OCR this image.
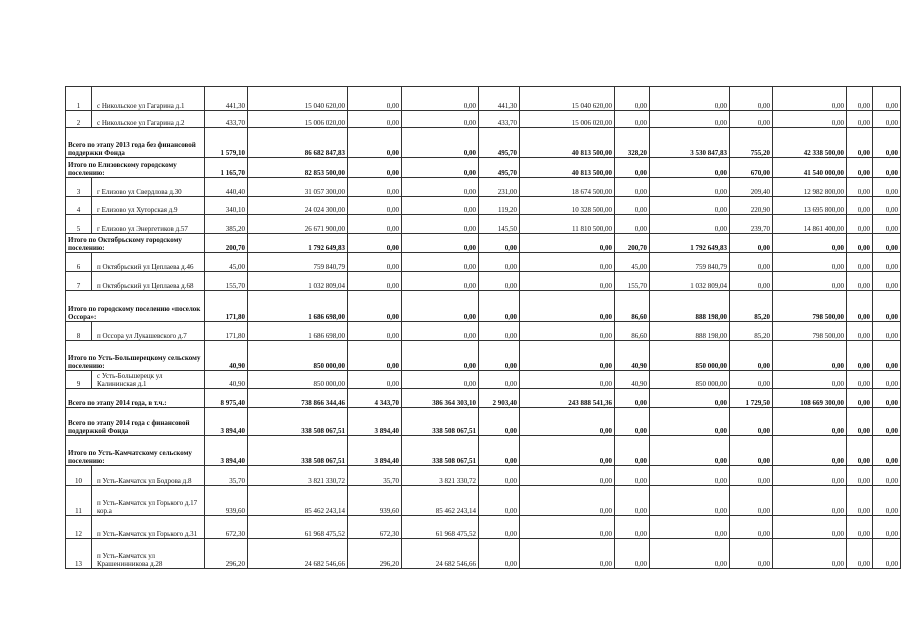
1	с Никольское ул Гагарина д.1	441,30	15 040 620,00	0,00	0,00	441,30	15 040 620,00	0,00	0,00	0,00	0,00	0,00	0,00
2	с Никольское ул Гагарина д.2	433,70	15 006 020,00	0,00	0,00	433,70	15 006 020,00	0,00	0,00	0,00	0,00	0,00	0,00
Всего по этапу 2013 года без финансовой поддержки Фонда		1 579,10	86 682 847,83	0,00	0,00	495,70	40 813 500,00	328,20	3 530 847,83	755,20	42 338 500,00	0,00	0,00
Итого по Елизовскому городскому поселению:		1 165,70	82 853 500,00	0,00	0,00	495,70	40 813 500,00	0,00	0,00	670,00	41 540 000,00	0,00	0,00
3	г Елизово ул Свердлова д.30	440,40	31 057 300,00	0,00	0,00	231,00	18 674 500,00	0,00	0,00	209,40	12 982 800,00	0,00	0,00
4	г Елизово ул Хуторская д.9	340,10	24 024 300,00	0,00	0,00	119,20	10 328 500,00	0,00	0,00	220,90	13 695 800,00	0,00	0,00
5	г Елизово ул Энергетиков д.57	385,20	26 671 900,00	0,00	0,00	145,50	11 810 500,00	0,00	0,00	239,70	14 861 400,00	0,00	0,00
Итого по Октябрьскому городскому поселению:		200,70	1 792 649,83	0,00	0,00	0,00	0,00	200,70	1 792 649,83	0,00	0,00	0,00	0,00
6	п Октябрьский ул Цеплаева д.46	45,00	759 840,79	0,00	0,00	0,00	0,00	45,00	759 840,79	0,00	0,00	0,00	0,00
7	п Октябрьский ул Цеплаева д.68	155,70	1 032 809,04	0,00	0,00	0,00	0,00	155,70	1 032 809,04	0,00	0,00	0,00	0,00
Итого по городскому поселению «поселок Оссора»:		171,80	1 686 698,00	0,00	0,00	0,00	0,00	86,60	888 198,00	85,20	798 500,00	0,00	0,00
8	п Оссора ул Лукашевского д.7	171,80	1 686 698,00	0,00	0,00	0,00	0,00	86,60	888 198,00	85,20	798 500,00	0,00	0,00
Итого по Усть-Большерецкому сельскому поселению:		40,90	850 000,00	0,00	0,00	0,00	0,00	40,90	850 000,00	0,00	0,00	0,00	0,00
9	с Усть-Большерецк ул Калининская д.1	40,90	850 000,00	0,00	0,00	0,00	0,00	40,90	850 000,00	0,00	0,00	0,00	0,00
Всего по этапу 2014 года, в т.ч.:		8 975,40	738 866 344,46	4 343,70	386 364 303,10	2 903,40	243 888 541,36	0,00	0,00	1 729,50	108 669 300,00	0,00	0,00
Всего по этапу 2014 года с финансовой поддержкой Фонда		3 894,40	338 508 067,51	3 894,40	338 508 067,51	0,00	0,00	0,00	0,00	0,00	0,00	0,00	0,00
Итого по Усть-Камчатскому сельскому поселению:		3 894,40	338 508 067,51	3 894,40	338 508 067,51	0,00	0,00	0,00	0,00	0,00	0,00	0,00	0,00
10	п Усть-Камчатск ул Бодрова д.8	35,70	3 821 330,72	35,70	3 821 330,72	0,00	0,00	0,00	0,00	0,00	0,00	0,00	0,00
11	п Усть-Камчатск ул Горького д.17 кор.а	939,60	85 462 243,14	939,60	85 462 243,14	0,00	0,00	0,00	0,00	0,00	0,00	0,00	0,00
12	п Усть-Камчатск ул Горького д.31	672,30	61 968 475,52	672,30	61 968 475,52	0,00	0,00	0,00	0,00	0,00	0,00	0,00	0,00
13	п Усть-Камчатск ул Крашенинникова д.28	296,20	24 682 546,66	296,20	24 682 546,66	0,00	0,00	0,00	0,00	0,00	0,00	0,00	0,00
